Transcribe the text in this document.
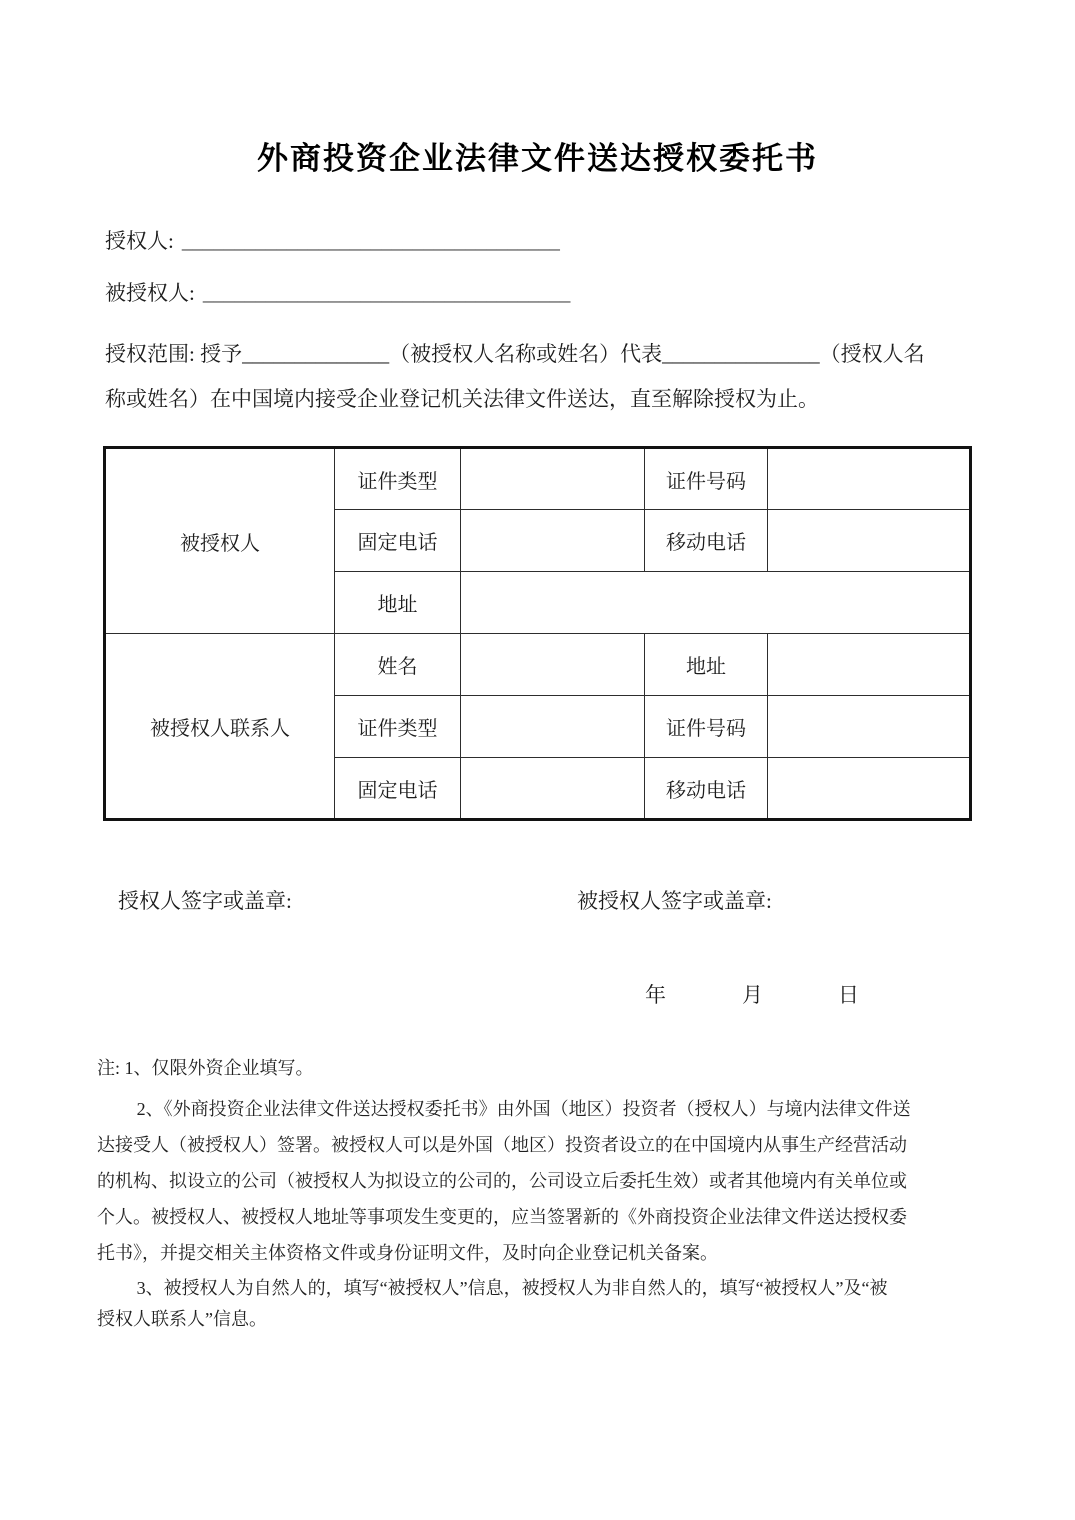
外商投资企业法律文件送达授权委托书
授权人: ____________________________________
被授权人: ___________________________________
授权范围: 授予______________（被授权人名称或姓名）代表_______________（授权人名
称或姓名）在中国境内接受企业登记机关法律文件送达，直至解除授权为止。
被授权人	证件类型		证件号码	
	固定电话		移动电话	
	地址			
被授权人联系人	姓名		地址	
	证件类型		证件号码	
	固定电话		移动电话	
授权人签字或盖章:	被授权人签字或盖章:
年	月	日
注: 1、仅限外资企业填写。
2、《外商投资企业法律文件送达授权委托书》由外国（地区）投资者（授权人）与境内法律文件送
达接受人（被授权人）签署。被授权人可以是外国（地区）投资者设立的在中国境内从事生产经营活动
的机构、拟设立的公司（被授权人为拟设立的公司的，公司设立后委托生效）或者其他境内有关单位或
个人。被授权人、被授权人地址等事项发生变更的，应当签署新的《外商投资企业法律文件送达授权委
托书》，并提交相关主体资格文件或身份证明文件，及时向企业登记机关备案。
3、被授权人为自然人的，填写“被授权人”信息，被授权人为非自然人的，填写“被授权人”及“被
授权人联系人”信息。
